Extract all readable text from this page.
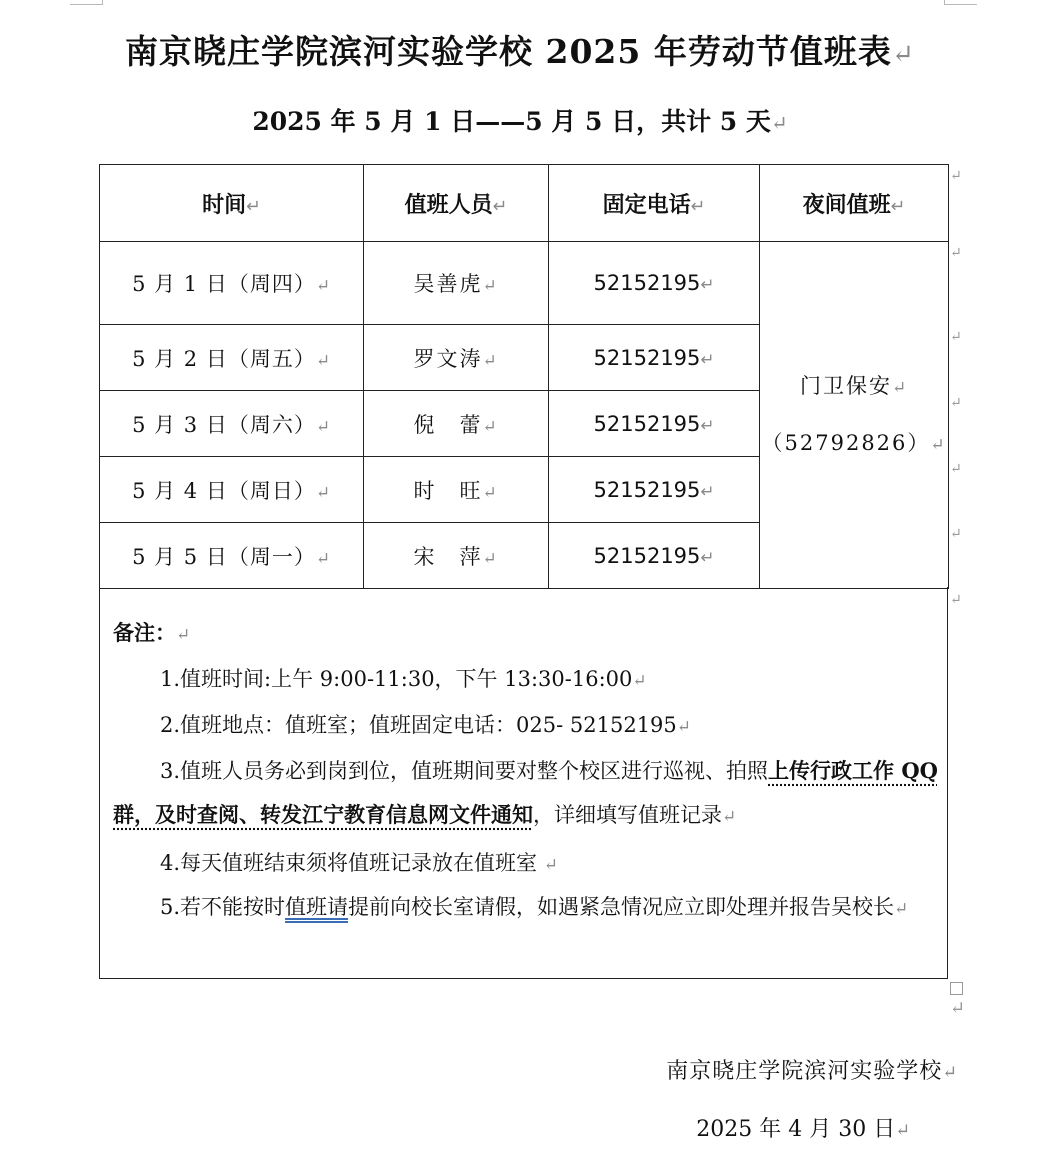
南京晓庄学院滨河实验学校 2025 年劳动节值班表↵
2025 年 5 月 1 日——5 月 5 日，共计 5 天↵
时间↵	值班人员↵	固定电话↵	夜间值班↵
5 月 1 日（周四）↵	吴善虎↵	52152195↵	门卫保安↵
（52792826）↵

5 月 2 日（周五）↵	罗文涛↵	52152195↵	
5 月 3 日（周六）↵	倪　蕾↵	52152195↵	
5 月 4 日（周日）↵	时　旺↵	52152195↵	
5 月 5 日（周一）↵	宋　萍↵	52152195↵	
备注：↵
1.值班时间:上午 9:00-11:30，下午 13:30-16:00↵
2.值班地点：值班室；值班固定电话：025- 52152195↵
3.值班人员务必到岗到位，值班期间要对整个校区进行巡视、拍照上传行政工作 QQ 群，及时查阅、转发江宁教育信息网文件通知，详细填写值班记录↵
4.每天值班结束须将值班记录放在值班室 ↵
5.若不能按时值班请提前向校长室请假，如遇紧急情况应立即处理并报告吴校长↵
↵
↵
↵
↵
↵
↵
↵
↵
南京晓庄学院滨河实验学校↵
2025 年 4 月 30 日↵
